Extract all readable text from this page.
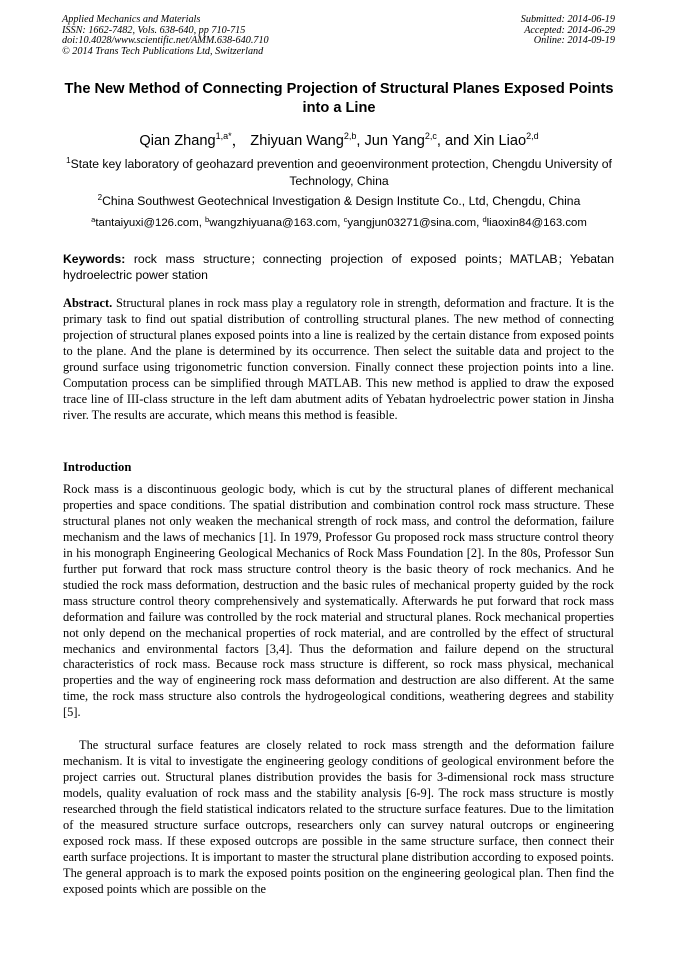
Applied Mechanics and Materials
ISSN: 1662-7482, Vols. 638-640, pp 710-715
doi:10.4028/www.scientific.net/AMM.638-640.710
© 2014 Trans Tech Publications Ltd, Switzerland
Submitted: 2014-06-19
Accepted: 2014-06-29
Online: 2014-09-19
The New Method of Connecting Projection of Structural Planes Exposed Points into a Line
Qian Zhang$^{1,a*}$， Zhiyuan Wang$^{2,b}$, Jun Yang$^{2,c}$, and Xin Liao$^{2,d}$
$^1$State key laboratory of geohazard prevention and geoenvironment protection, Chengdu University of Technology, China
$^2$China Southwest Geotechnical Investigation & Design Institute Co., Ltd, Chengdu, China
$^a$tantaiyuxi@126.com, $^b$wangzhiyuana@163.com, $^c$yangjun03271@sina.com, $^d$liaoxin84@163.com
Keywords: rock mass structure；connecting projection of exposed points；MATLAB；Yebatan hydroelectric power station
Abstract. Structural planes in rock mass play a regulatory role in strength, deformation and fracture. It is the primary task to find out spatial distribution of controlling structural planes. The new method of connecting projection of structural planes exposed points into a line is realized by the certain distance from exposed points to the plane. And the plane is determined by its occurrence. Then select the suitable data and project to the ground surface using trigonometric function conversion. Finally connect these projection points into a line. Computation process can be simplified through MATLAB. This new method is applied to draw the exposed trace line of III-class structure in the left dam abutment adits of Yebatan hydroelectric power station in Jinsha river. The results are accurate, which means this method is feasible.
Introduction
Rock mass is a discontinuous geologic body, which is cut by the structural planes of different mechanical properties and space conditions. The spatial distribution and combination control rock mass structure. These structural planes not only weaken the mechanical strength of rock mass, and control the deformation, failure mechanism and the laws of mechanics [1]. In 1979, Professor Gu proposed rock mass structure control theory in his monograph Engineering Geological Mechanics of Rock Mass Foundation [2]. In the 80s, Professor Sun further put forward that rock mass structure control theory is the basic theory of rock mechanics. And he studied the rock mass deformation, destruction and the basic rules of mechanical property guided by the rock mass structure control theory comprehensively and systematically. Afterwards he put forward that rock mass deformation and failure was controlled by the rock material and structural planes. Rock mechanical properties not only depend on the mechanical properties of rock material, and are controlled by the effect of structural mechanics and environmental factors [3,4]. Thus the deformation and failure depend on the structural characteristics of rock mass. Because rock mass structure is different, so rock mass physical, mechanical properties and the way of engineering rock mass deformation and destruction are also different. At the same time, the rock mass structure also controls the hydrogeological conditions, weathering degrees and stability [5].
The structural surface features are closely related to rock mass strength and the deformation failure mechanism. It is vital to investigate the engineering geology conditions of geological environment before the project carries out. Structural planes distribution provides the basis for 3-dimensional rock mass structure models, quality evaluation of rock mass and the stability analysis [6-9]. The rock mass structure is mostly researched through the field statistical indicators related to the structure surface features. Due to the limitation of the measured structure surface outcrops, researchers only can survey natural outcrops or engineering exposed rock mass. If these exposed outcrops are possible in the same structure surface, then connect their earth surface projections. It is important to master the structural plane distribution according to exposed points. The general approach is to mark the exposed points position on the engineering geological plan. Then find the exposed points which are possible on the
